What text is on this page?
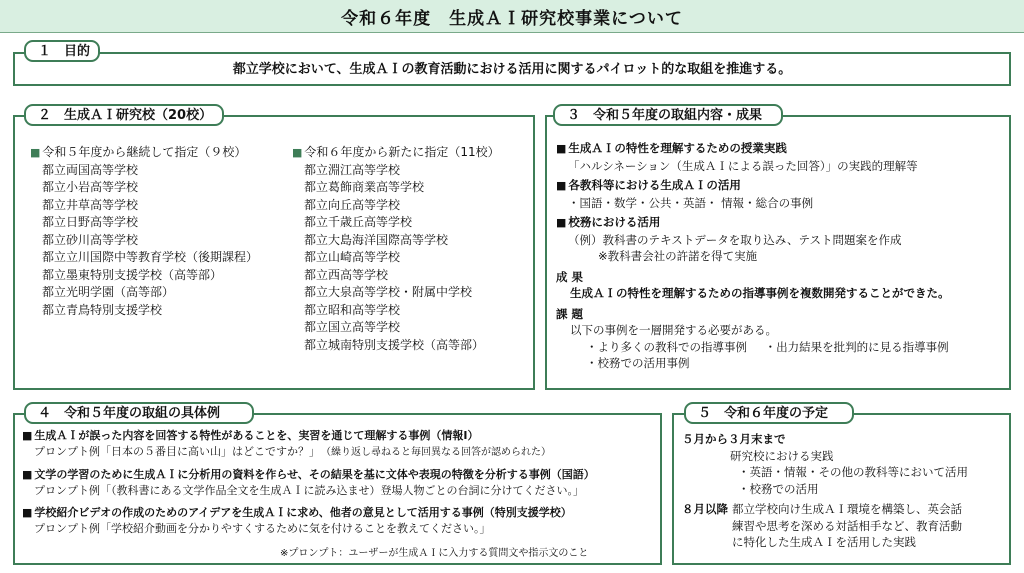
令和６年度　生成ＡＩ研究校事業について
１　目的
都立学校において、生成ＡＩの教育活動における活用に関するパイロット的な取組を推進する。
２　生成ＡＩ研究校（20校）
■ 令和５年度から継続して指定（９校）
都立両国高等学校
都立小岩高等学校
都立井草高等学校
都立日野高等学校
都立砂川高等学校
都立立川国際中等教育学校（後期課程）
都立墨東特別支援学校（高等部）
都立光明学園（高等部）
都立青鳥特別支援学校
■ 令和６年度から新たに指定（11校）
都立淵江高等学校
都立葛飾商業高等学校
都立向丘高等学校
都立千歳丘高等学校
都立大島海洋国際高等学校
都立山崎高等学校
都立西高等学校
都立大泉高等学校・附属中学校
都立昭和高等学校
都立国立高等学校
都立城南特別支援学校（高等部）
３　令和５年度の取組内容・成果
■ 生成ＡＩの特性を理解するための授業実践
「ハルシネーション（生成ＡＩによる誤った回答）」の実践的理解等
■ 各教科等における生成ＡＩの活用
・国語・数学・公共・英語・ 情報・総合の事例
■ 校務における活用
（例）教科書のテキストデータを取り込み、テスト問題案を作成
※教科書会社の許諾を得て実施
成 果
生成ＡＩの特性を理解するための指導事例を複数開発することができた。
課 題
以下の事例を一層開発する必要がある。
・より多くの教科での指導事例 ・出力結果を批判的に見る指導事例
・校務での活用事例
４　令和５年度の取組の具体例
■ 生成ＡＩが誤った内容を回答する特性があることを、実習を通じて理解する事例（情報Ⅰ）
プロンプト例「日本の５番目に高い山」はどこですか？」 （繰り返し尋ねると毎回異なる回答が認められた）
■ 文学の学習のために生成ＡＩに分析用の資料を作らせ、その結果を基に文体や表現の特徴を分析する事例（国語）
プロンプト例「（教科書にある文学作品全文を生成ＡＩに読み込ませ）登場人物ごとの台詞に分けてください。」
■ 学校紹介ビデオの作成のためのアイデアを生成ＡＩに求め、他者の意見として活用する事例（特別支援学校）
プロンプト例「学校紹介動画を分かりやすくするために気を付けることを教えてください。」
※プロンプト：ユーザーが生成ＡＩに入力する質問文や指示文のこと
５　令和６年度の予定
５月から３月末まで
研究校における実践
・英語・情報・その他の教科等において活用
・校務での活用
８月以降 都立学校向け生成ＡＩ環境を構築し、英会話
練習や思考を深める対話相手など、教育活動
に特化した生成ＡＩを活用した実践
